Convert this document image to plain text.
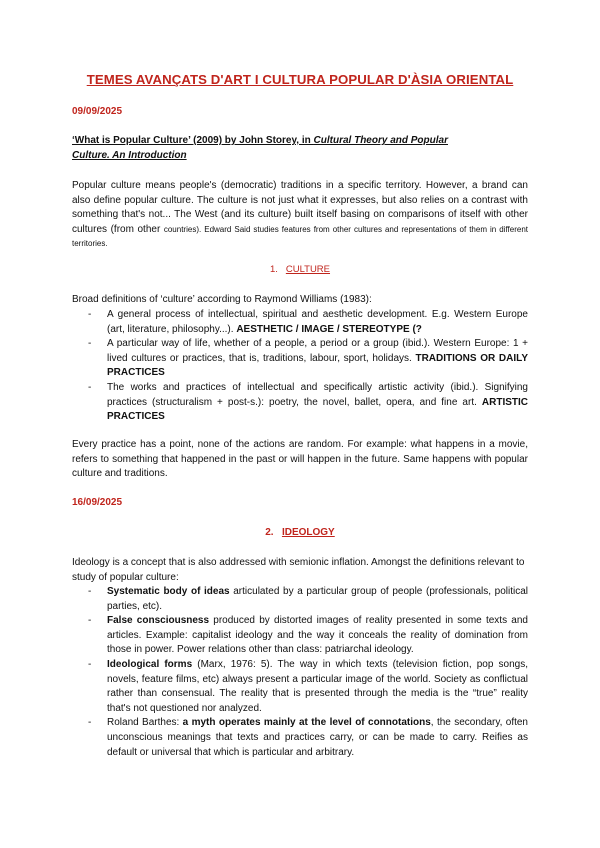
TEMES AVANÇATS D'ART I CULTURA POPULAR D'ÀSIA ORIENTAL
09/09/2025
‘What is Popular Culture’ (2009) by John Storey, in Cultural Theory and Popular
Culture. An Introduction
Popular culture means people's (democratic) traditions in a specific territory. However, a brand can also define popular culture. The culture is not just what it expresses, but also relies on a contrast with something that's not... The West (and its culture) built itself basing on comparisons of itself with other cultures (from other countries). Edward Said studies features from other cultures and representations of them in different territories.
1. CULTURE
Broad definitions of ‘culture’ according to Raymond Williams (1983):
- A general process of intellectual, spiritual and aesthetic development. E.g. Western Europe (art, literature, philosophy...). AESTHETIC / IMAGE / STEREOTYPE (?
- A particular way of life, whether of a people, a period or a group (ibid.). Western Europe: 1 + lived cultures or practices, that is, traditions, labour, sport, holidays. TRADITIONS OR DAILY PRACTICES
- The works and practices of intellectual and specifically artistic activity (ibid.). Signifying practices (structuralism + post-s.): poetry, the novel, ballet, opera, and fine art. ARTISTIC PRACTICES
Every practice has a point, none of the actions are random. For example: what happens in a movie, refers to something that happened in the past or will happen in the future. Same happens with popular culture and traditions.
16/09/2025
2. IDEOLOGY
Ideology is a concept that is also addressed with semionic inflation. Amongst the definitions relevant to study of popular culture:
- Systematic body of ideas articulated by a particular group of people (professionals, political parties, etc).
- False consciousness produced by distorted images of reality presented in some texts and articles. Example: capitalist ideology and the way it conceals the reality of domination from those in power. Power relations other than class: patriarchal ideology.
- Ideological forms (Marx, 1976: 5). The way in which texts (television fiction, pop songs, novels, feature films, etc) always present a particular image of the world. Society as conflictual rather than consensual. The reality that is presented through the media is the “true” reality that's not questioned nor analyzed.
- Roland Barthes: a myth operates mainly at the level of connotations, the secondary, often unconscious meanings that texts and practices carry, or can be made to carry. Reifies as default or universal that which is particular and arbitrary.
